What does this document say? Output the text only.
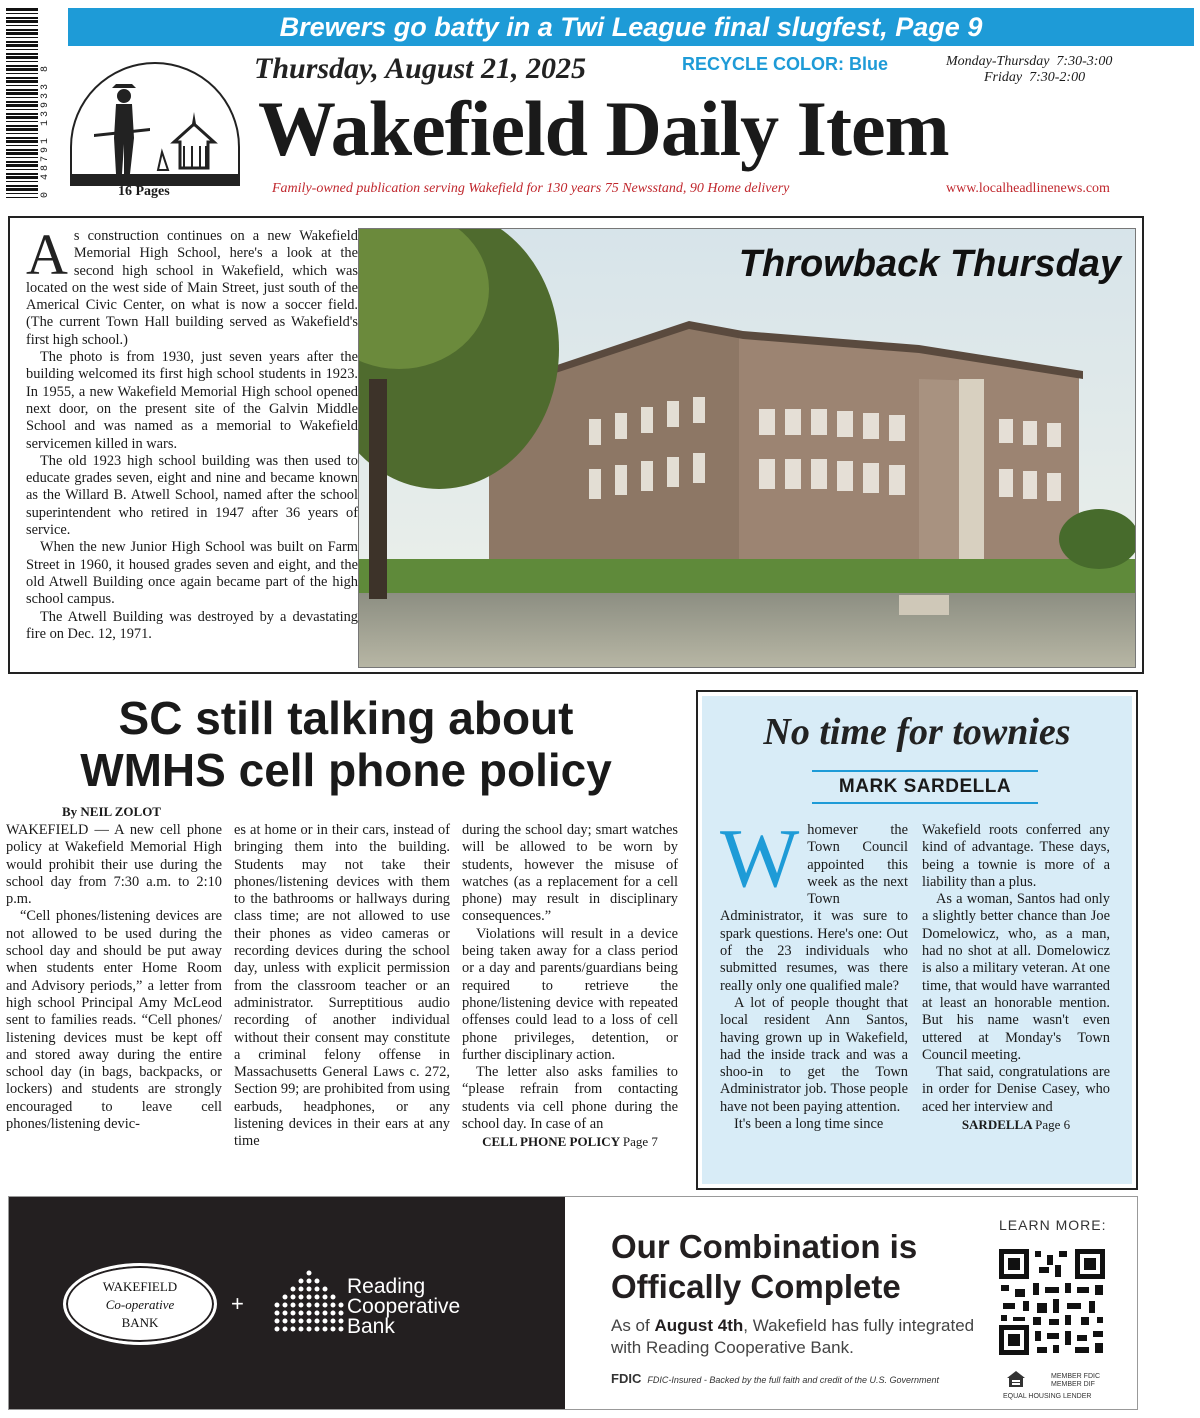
Brewers go batty in a Twi League final slugfest, Page 9
0 48791 13933 8	16 Pages
Thursday, August 21, 2025	RECYCLE COLOR: Blue	Monday-Thursday  7:30-3:00
Friday  7:30-2:00
Wakefield Daily Item
Family-owned publication serving Wakefield for 130 years 75 Newsstand, 90 Home delivery	www.localheadlinenews.com

As construction continues on a new Wakefield Memorial High School, here's a look at the second high school in Wakefield, which was located on the west side of Main Street, just south of the Americal Civic Center, on what is now a soccer field. (The current Town Hall building served as Wakefield's first high school.)

The photo is from 1930, just seven years after the building welcomed its first high school students in 1923. In 1955, a new Wakefield Memorial High school opened next door, on the present site of the Galvin Middle School and was named as a memorial to Wakefield servicemen killed in wars.

The old 1923 high school building was then used to educate grades seven, eight and nine and became known as the Willard B. Atwell School, named after the school superintendent who retired in 1947 after 36 years of service.

When the new Junior High School was built on Farm Street in 1960, it housed grades seven and eight, and the old Atwell Building once again became part of the high school campus.

The Atwell Building was destroyed by a devastating fire on Dec. 12, 1971.

Throwback Thursday
SC still talking about
WMHS cell phone policy
By NEIL ZOLOT

WAKEFIELD — A new cell phone policy at Wakefield Memorial High would prohibit their use during the school day from 7:30 a.m. to 2:10 p.m.

“Cell phones/listening devices are not allowed to be used during the school day and should be put away when students enter Home Room and Advisory periods,” a letter from high school Principal Amy McLeod sent to families reads. “Cell phones/ listening devices must be kept off and stored away during the entire school day (in bags, backpacks, or lockers) and students are strongly encouraged to leave cell phones/listening devic-

es at home or in their cars, instead of bringing them into the building. Students may not take their phones/listening devices with them to the bathrooms or hallways during class time; are not allowed to use their phones as video cameras or recording devices during the school day, unless with explicit permission from the classroom teacher or an administrator. Surreptitious audio recording of another individual without their consent may constitute a criminal felony offense in Massachusetts General Laws c. 272, Section 99; are prohibited from using earbuds, headphones, or any listening devices in their ears at any time

during the school day; smart watches will be allowed to be worn by students, however the misuse of watches (as a replacement for a cell phone) may result in disciplinary consequences.”

Violations will result in a device being taken away for a class period or a day and parents/guardians being required to retrieve the phone/listening device with repeated offenses could lead to a loss of cell phone privileges, detention, or further disciplinary action.

The letter also asks families to “please refrain from contacting students via cell phone during the school day. In case of an

CELL PHONE POLICY Page 7
No time for townies
MARK SARDELLA

Whomever the Town Council appointed this week as the next Town Administrator, it was sure to spark questions. Here's one: Out of the 23 individuals who submitted resumes, was there really only one qualified male?

A lot of people thought that local resident Ann Santos, having grown up in Wakefield, had the inside track and was a shoo-in to get the Town Administrator job. Those people have not been paying attention.

It's been a long time since

Wakefield roots conferred any kind of advantage. These days, being a townie is more of a liability than a plus.

As a woman, Santos had only a slightly better chance than Joe Domelowicz, who, as a man, had no shot at all. Domelowicz is also a military veteran. At one time, that would have warranted at least an honorable mention. But his name wasn't even uttered at Monday's Town Council meeting.

That said, congratulations are in order for Denise Casey, who aced her interview and

SARDELLA Page 6
WAKEFIELD
Co-operative
BANK
+
Reading
Cooperative
Bank
Our Combination is
Offically Complete
As of August 4th, Wakefield has fully integrated with Reading Cooperative Bank.
FDIC FDIC-Insured - Backed by the full faith and credit of the U.S. Government
LEARN MORE:
EQUAL HOUSING LENDER
MEMBER FDIC
MEMBER DIF
